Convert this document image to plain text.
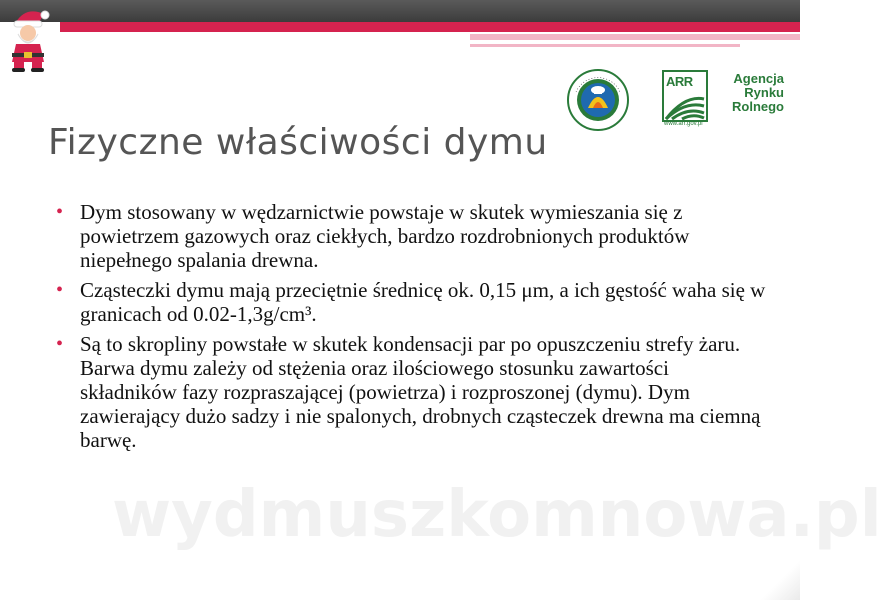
ARR	Agencja Rynku Rolnego
www.arr.gov.pl
Fizyczne właściwości dymu
wydmuszkomnowa.pl
• Dym stosowany w wędzarnictwie powstaje w skutek wymieszania się z powietrzem gazowych oraz ciekłych, bardzo rozdrobnionych produktów niepełnego spalania drewna.
• Cząsteczki dymu mają przeciętnie średnicę ok. 0,15 μm, a ich gęstość waha się w granicach od 0.02-1,3g/cm³.
• Są to skropliny powstałe w skutek kondensacji par po opuszczeniu strefy żaru. Barwa dymu zależy od stężenia oraz ilościowego stosunku zawartości składników fazy rozpraszającej (powietrza) i rozproszonej (dymu). Dym zawierający dużo sadzy i nie spalonych, drobnych cząsteczek drewna ma ciemną barwę.
